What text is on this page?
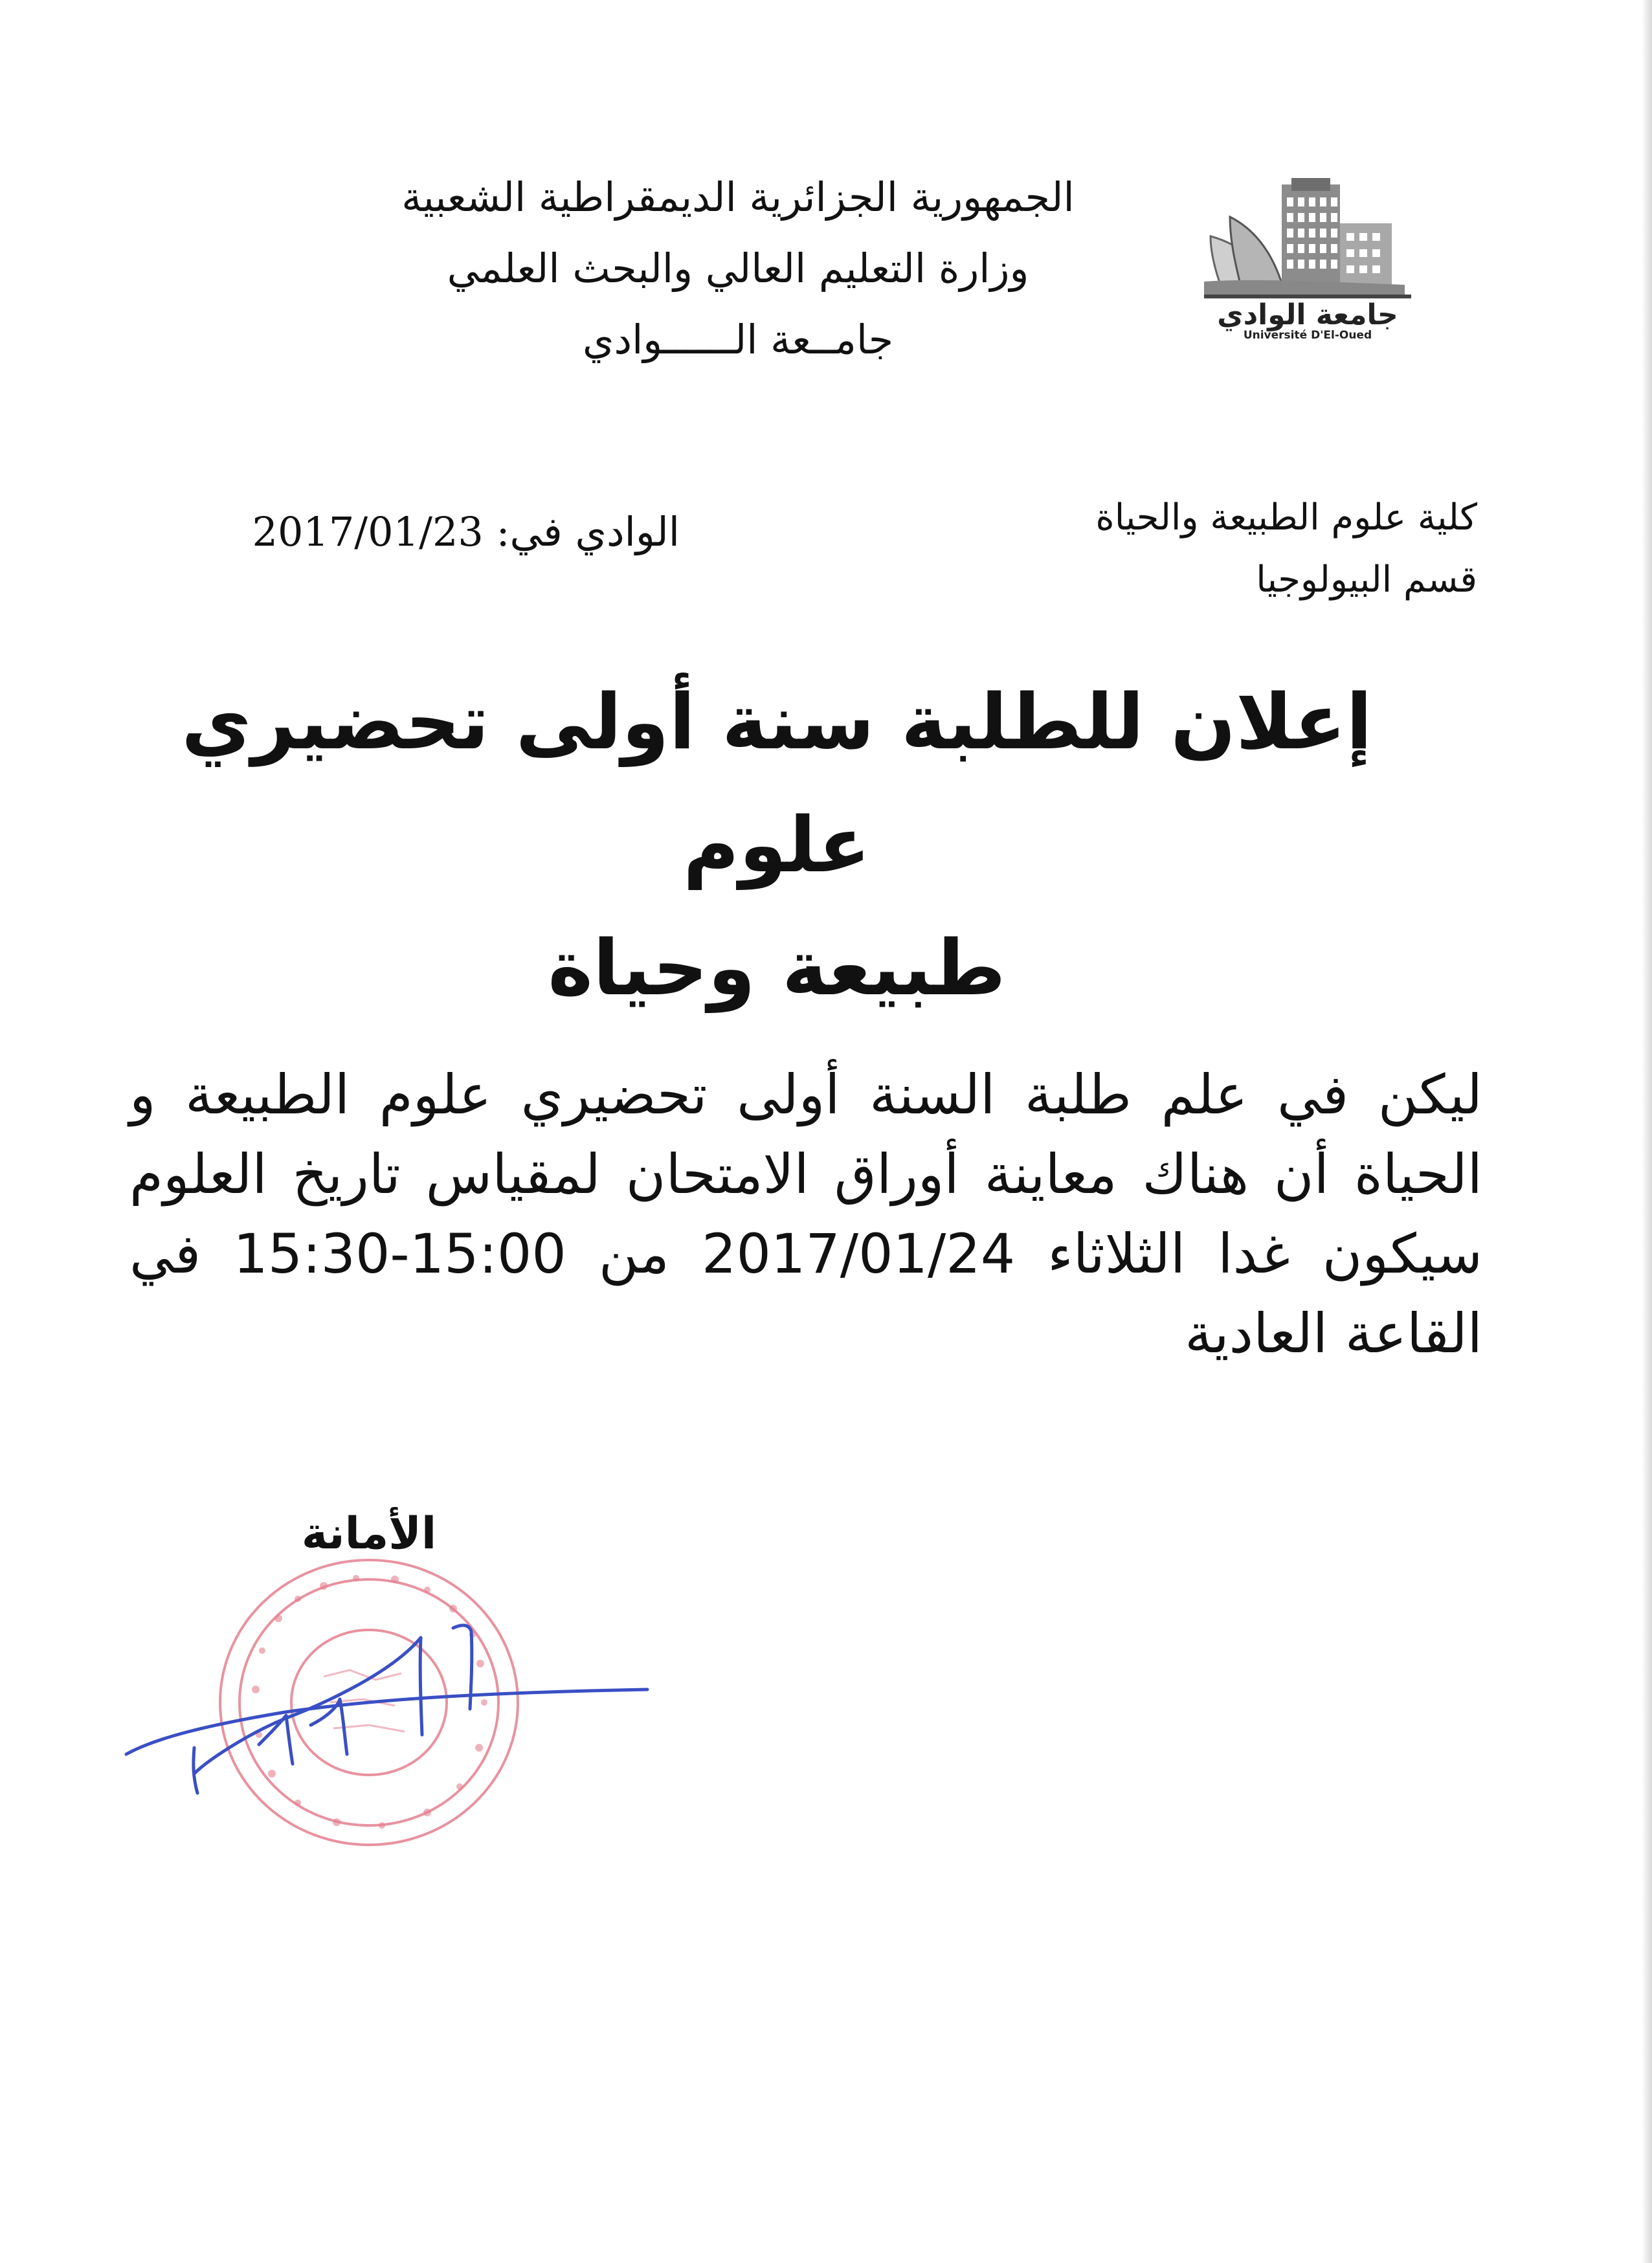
الجمهورية الجزائرية الديمقراطية الشعبية
وزارة التعليم العالي والبحث العلمي
جامــعة الــــــوادي
جامعة الوادي
Université D'El-Oued
كلية علوم الطبيعة والحياة
قسم البيولوجيا
الوادي في: 2017/01/23
إعلان للطلبة سنة أولى تحضيري علوم
طبيعة وحياة
ليكن في علم طلبة السنة أولى تحضيري علوم الطبيعة و الحياة أن هناك معاينة أوراق الامتحان لمقياس تاريخ العلوم سيكون غدا الثلاثاء 2017/01/24 من 15:00-15:30 في القاعة العادية
الأمانة
